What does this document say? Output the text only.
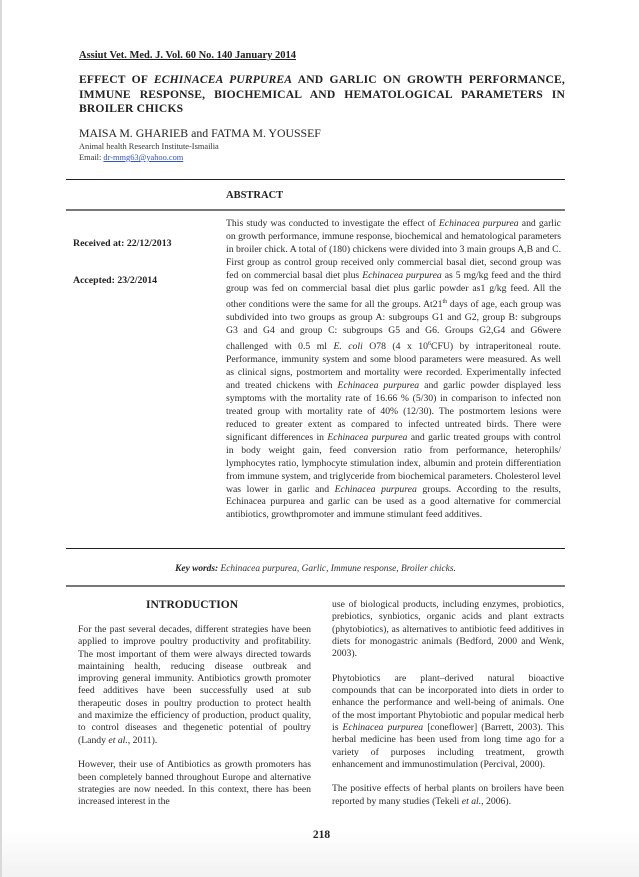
Assiut Vet. Med. J. Vol. 60 No. 140 January 2014
EFFECT OF ECHINACEA PURPUREA AND GARLIC ON GROWTH PERFORMANCE, IMMUNE RESPONSE, BIOCHEMICAL AND HEMATOLOGICAL PARAMETERS IN BROILER CHICKS
MAISA M. GHARIEB and FATMA M. YOUSSEF
Animal health Research Institute-Ismailia
Email: dr-mmg63@yahoo.com
ABSTRACT
Received at: 22/12/2013
Accepted: 23/2/2014
This study was conducted to investigate the effect of Echinacea purpurea and garlic on growth performance, immune response, biochemical and hematological parameters in broiler chick. A total of (180) chickens were divided into 3 main groups A,B and C. First group as control group received only commercial basal diet, second group was fed on commercial basal diet plus Echinacea purpurea as 5 mg/kg feed and the third group was fed on commercial basal diet plus garlic powder as1 g/kg feed. All the other conditions were the same for all the groups. At21th days of age, each group was subdivided into two groups as group A: subgroups G1 and G2, group B: subgroups G3 and G4 and group C: subgroups G5 and G6. Groups G2,G4 and G6were challenged with 0.5 ml E. coli O78 (4 x $10^6CFU$) by intraperitoneal route. Performance, immunity system and some blood parameters were measured. As well as clinical signs, postmortem and mortality were recorded. Experimentally infected and treated chickens with Echinacea purpurea and garlic powder displayed less symptoms with the mortality rate of 16.66 % (5/30) in comparison to infected non treated group with mortality rate of 40% (12/30). The postmortem lesions were reduced to greater extent as compared to infected untreated birds. There were significant differences in Echinacea purpurea and garlic treated groups with control in body weight gain, feed conversion ratio from performance, heterophils/ lymphocytes ratio, lymphocyte stimulation index, albumin and protein differentiation from immune system, and triglyceride from biochemical parameters. Cholesterol level was lower in garlic and Echinacea purpurea groups. According to the results, Echinacea purpurea and garlic can be used as a good alternative for commercial antibiotics, growthpromoter and immune stimulant feed additives.
Key words: Echinacea purpurea, Garlic, Immune response, Broiler chicks.
INTRODUCTION

For the past several decades, different strategies have been applied to improve poultry productivity and profitability. The most important of them were always directed towards maintaining health, reducing disease outbreak and improving general immunity. Antibiotics growth promoter feed additives have been successfully used at sub therapeutic doses in poultry production to protect health and maximize the efficiency of production, product quality, to control diseases and thegenetic potential of poultry (Landy et al., 2011).

However, their use of Antibiotics as growth promoters has been completely banned throughout Europe and alternative strategies are now needed. In this context, there has been increased interest in the

use of biological products, including enzymes, probiotics, prebiotics, synbiotics, organic acids and plant extracts (phytobiotics), as alternatives to antibiotic feed additives in diets for monogastric animals (Bedford, 2000 and Wenk, 2003).

Phytobiotics are plant–derived natural bioactive compounds that can be incorporated into diets in order to enhance the performance and well-being of animals. One of the most important Phytobiotic and popular medical herb is Echinacea purpurea [coneflower] (Barrett, 2003). This herbal medicine has been used from long time ago for a variety of purposes including treatment, growth enhancement and immunostimulation (Percival, 2000).

The positive effects of herbal plants on broilers have been reported by many studies (Tekeli et al., 2006).

218
